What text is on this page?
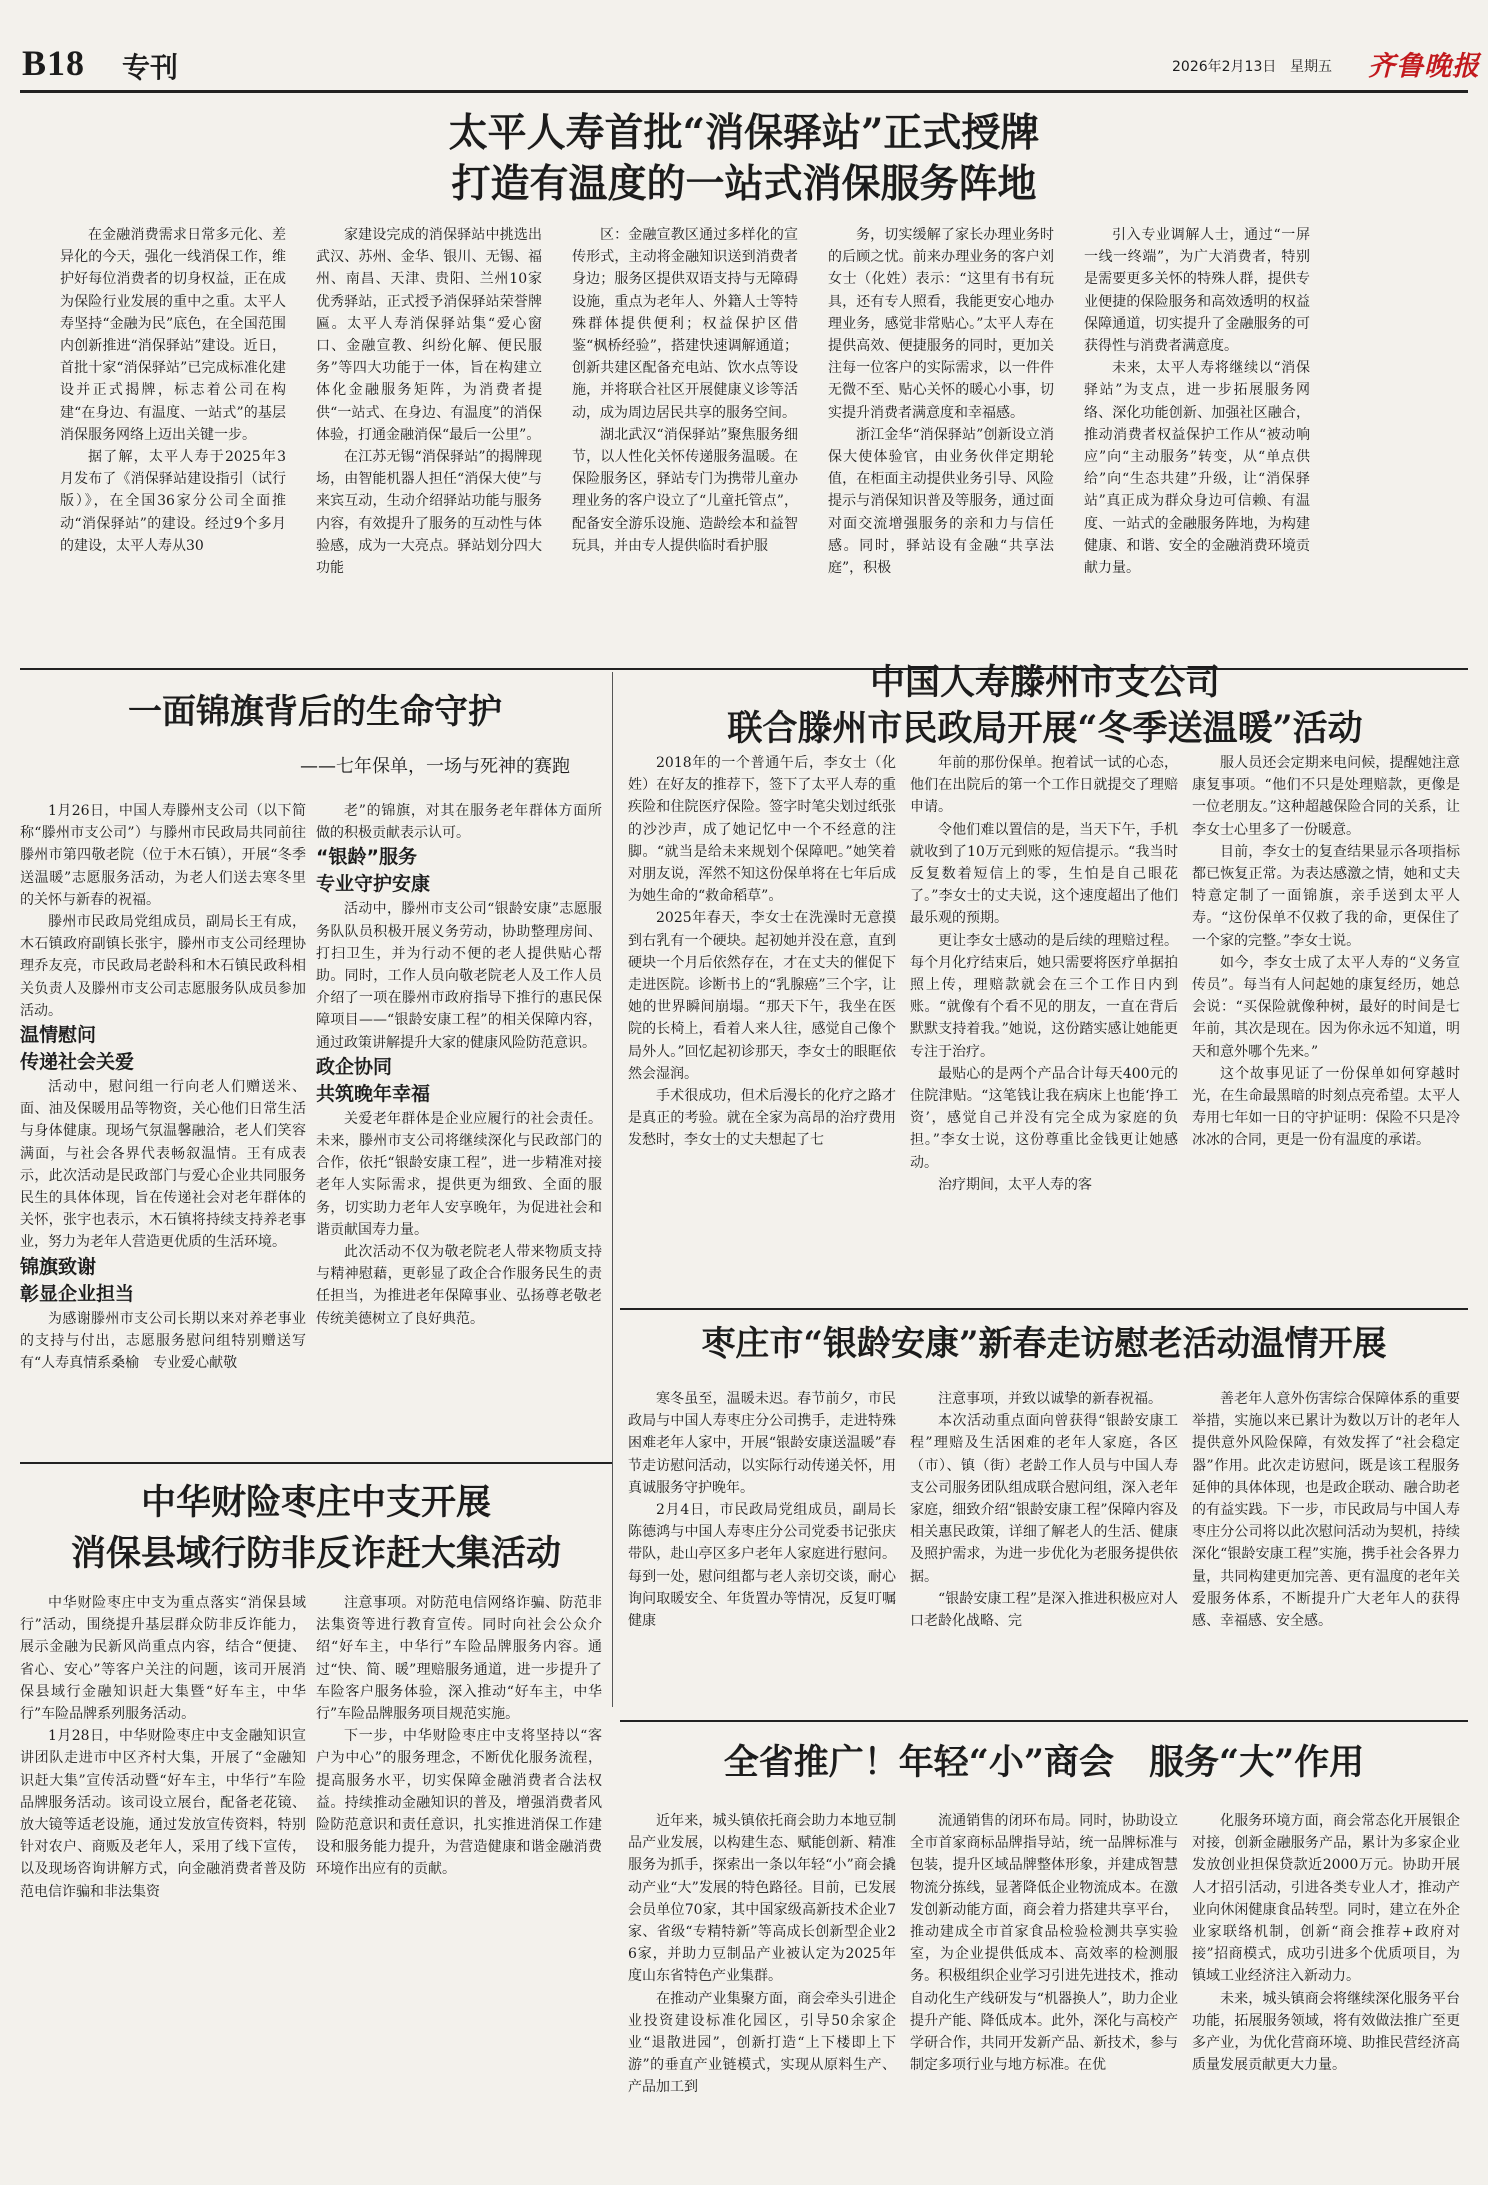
B18 专刊	2026年2月13日 星期五 齐鲁晚报
太平人寿首批“消保驿站”正式授牌
打造有温度的一站式消保服务阵地

在金融消费需求日常多元化、差异化的今天，强化一线消保工作，维护好每位消费者的切身权益，正在成为保险行业发展的重中之重。太平人寿坚持“金融为民”底色，在全国范围内创新推进“消保驿站”建设。近日，首批十家“消保驿站”已完成标准化建设并正式揭牌，标志着公司在构建“在身边、有温度、一站式”的基层消保服务网络上迈出关键一步。

据了解，太平人寿于2025年3月发布了《消保驿站建设指引（试行版）》，在全国36家分公司全面推动“消保驿站”的建设。经过9个多月的建设，太平人寿从30

家建设完成的消保驿站中挑选出武汉、苏州、金华、银川、无锡、福州、南昌、天津、贵阳、兰州10家优秀驿站，正式授予消保驿站荣誉牌匾。太平人寿消保驿站集“爱心窗口、金融宣教、纠纷化解、便民服务”等四大功能于一体，旨在构建立体化金融服务矩阵，为消费者提供“一站式、在身边、有温度”的消保体验，打通金融消保“最后一公里”。

在江苏无锡“消保驿站”的揭牌现场，由智能机器人担任“消保大使”与来宾互动，生动介绍驿站功能与服务内容，有效提升了服务的互动性与体验感，成为一大亮点。驿站划分四大功能

区：金融宣教区通过多样化的宣传形式，主动将金融知识送到消费者身边；服务区提供双语支持与无障碍设施，重点为老年人、外籍人士等特殊群体提供便利；权益保护区借鉴“枫桥经验”，搭建快速调解通道；创新共建区配备充电站、饮水点等设施，并将联合社区开展健康义诊等活动，成为周边居民共享的服务空间。

湖北武汉“消保驿站”聚焦服务细节，以人性化关怀传递服务温暖。在保险服务区，驿站专门为携带儿童办理业务的客户设立了“儿童托管点”，配备安全游乐设施、造龄绘本和益智玩具，并由专人提供临时看护服

务，切实缓解了家长办理业务时的后顾之忧。前来办理业务的客户刘女士（化姓）表示：“这里有书有玩具，还有专人照看，我能更安心地办理业务，感觉非常贴心。”太平人寿在提供高效、便捷服务的同时，更加关注每一位客户的实际需求，以一件件无微不至、贴心关怀的暖心小事，切实提升消费者满意度和幸福感。

浙江金华“消保驿站”创新设立消保大使体验官，由业务伙伴定期轮值，在柜面主动提供业务引导、风险提示与消保知识普及等服务，通过面对面交流增强服务的亲和力与信任感。同时，驿站设有金融“共享法庭”，积极

引入专业调解人士，通过“一屏一线一终端”，为广大消费者，特别是需要更多关怀的特殊人群，提供专业便捷的保险服务和高效透明的权益保障通道，切实提升了金融服务的可获得性与消费者满意度。

未来，太平人寿将继续以“消保驿站”为支点，进一步拓展服务网络、深化功能创新、加强社区融合，推动消费者权益保护工作从“被动响应”向“主动服务”转变，从“单点供给”向“生态共建”升级，让“消保驿站”真正成为群众身边可信赖、有温度、一站式的金融服务阵地，为构建健康、和谐、安全的金融消费环境贡献力量。

一面锦旗背后的生命守护
——七年保单，一场与死神的赛跑

1月26日，中国人寿滕州支公司（以下简称“滕州市支公司”）与滕州市民政局共同前往滕州市第四敬老院（位于木石镇），开展“冬季送温暖”志愿服务活动，为老人们送去寒冬里的关怀与新春的祝福。

滕州市民政局党组成员，副局长王有成，木石镇政府副镇长张宇，滕州市支公司经理协理乔友亮，市民政局老龄科和木石镇民政科相关负责人及滕州市支公司志愿服务队成员参加活动。

温情慰问
传递社会关爱

活动中，慰问组一行向老人们赠送米、面、油及保暖用品等物资，关心他们日常生活与身体健康。现场气氛温馨融洽，老人们笑容满面，与社会各界代表畅叙温情。王有成表示，此次活动是民政部门与爱心企业共同服务民生的具体体现，旨在传递社会对老年群体的关怀，张宇也表示，木石镇将持续支持养老事业，努力为老年人营造更优质的生活环境。

锦旗致谢
彰显企业担当

为感谢滕州市支公司长期以来对养老事业的支持与付出，志愿服务慰问组特别赠送写有“人寿真情系桑榆　专业爱心献敬

老”的锦旗，对其在服务老年群体方面所做的积极贡献表示认可。

“银龄”服务
专业守护安康

活动中，滕州市支公司“银龄安康”志愿服务队队员积极开展义务劳动，协助整理房间、打扫卫生，并为行动不便的老人提供贴心帮助。同时，工作人员向敬老院老人及工作人员介绍了一项在滕州市政府指导下推行的惠民保障项目——“银龄安康工程”的相关保障内容，通过政策讲解提升大家的健康风险防范意识。

政企协同
共筑晚年幸福

关爱老年群体是企业应履行的社会责任。未来，滕州市支公司将继续深化与民政部门的合作，依托“银龄安康工程”，进一步精准对接老年人实际需求，提供更为细致、全面的服务，切实助力老年人安享晚年，为促进社会和谐贡献国寿力量。

此次活动不仅为敬老院老人带来物质支持与精神慰藉，更彰显了政企合作服务民生的责任担当，为推进老年保障事业、弘扬尊老敬老传统美德树立了良好典范。

中国人寿滕州市支公司
联合滕州市民政局开展“冬季送温暖”活动

2018年的一个普通午后，李女士（化姓）在好友的推荐下，签下了太平人寿的重疾险和住院医疗保险。签字时笔尖划过纸张的沙沙声，成了她记忆中一个不经意的注脚。“就当是给未来规划个保障吧。”她笑着对朋友说，浑然不知这份保单将在七年后成为她生命的“救命稻草”。

2025年春天，李女士在洗澡时无意摸到右乳有一个硬块。起初她并没在意，直到硬块一个月后依然存在，才在丈夫的催促下走进医院。诊断书上的“乳腺癌”三个字，让她的世界瞬间崩塌。“那天下午，我坐在医院的长椅上，看着人来人往，感觉自己像个局外人。”回忆起初诊那天，李女士的眼眶依然会湿润。

手术很成功，但术后漫长的化疗之路才是真正的考验。就在全家为高昂的治疗费用发愁时，李女士的丈夫想起了七

年前的那份保单。抱着试一试的心态，他们在出院后的第一个工作日就提交了理赔申请。

令他们难以置信的是，当天下午，手机就收到了10万元到账的短信提示。“我当时反复数着短信上的零，生怕是自己眼花了。”李女士的丈夫说，这个速度超出了他们最乐观的预期。

更让李女士感动的是后续的理赔过程。每个月化疗结束后，她只需要将医疗单据拍照上传，理赔款就会在三个工作日内到账。“就像有个看不见的朋友，一直在背后默默支持着我。”她说，这份踏实感让她能更专注于治疗。

最贴心的是两个产品合计每天400元的住院津贴。“这笔钱让我在病床上也能‘挣工资’，感觉自己并没有完全成为家庭的负担。”李女士说，这份尊重比金钱更让她感动。

治疗期间，太平人寿的客

服人员还会定期来电问候，提醒她注意康复事项。“他们不只是处理赔款，更像是一位老朋友。”这种超越保险合同的关系，让李女士心里多了一份暖意。

目前，李女士的复查结果显示各项指标都已恢复正常。为表达感激之情，她和丈夫特意定制了一面锦旗，亲手送到太平人寿。“这份保单不仅救了我的命，更保住了一个家的完整。”李女士说。

如今，李女士成了太平人寿的“义务宣传员”。每当有人问起她的康复经历，她总会说：“买保险就像种树，最好的时间是七年前，其次是现在。因为你永远不知道，明天和意外哪个先来。”

这个故事见证了一份保单如何穿越时光，在生命最黑暗的时刻点亮希望。太平人寿用七年如一日的守护证明：保险不只是冷冰冰的合同，更是一份有温度的承诺。

枣庄市“银龄安康”新春走访慰老活动温情开展

寒冬虽至，温暖未迟。春节前夕，市民政局与中国人寿枣庄分公司携手，走进特殊困难老年人家中，开展“银龄安康送温暖”春节走访慰问活动，以实际行动传递关怀，用真诚服务守护晚年。

2月4日，市民政局党组成员，副局长陈德鸿与中国人寿枣庄分公司党委书记张庆带队，赴山亭区多户老年人家庭进行慰问。每到一处，慰问组都与老人亲切交谈，耐心询问取暖安全、年货置办等情况，反复叮嘱健康

注意事项，并致以诚挚的新春祝福。

本次活动重点面向曾获得“银龄安康工程”理赔及生活困难的老年人家庭，各区（市）、镇（街）老龄工作人员与中国人寿支公司服务团队组成联合慰问组，深入老年家庭，细致介绍“银龄安康工程”保障内容及相关惠民政策，详细了解老人的生活、健康及照护需求，为进一步优化为老服务提供依据。

“银龄安康工程”是深入推进积极应对人口老龄化战略、完

善老年人意外伤害综合保障体系的重要举措，实施以来已累计为数以万计的老年人提供意外风险保障，有效发挥了“社会稳定器”作用。此次走访慰问，既是该工程服务延伸的具体体现，也是政企联动、融合助老的有益实践。下一步，市民政局与中国人寿枣庄分公司将以此次慰问活动为契机，持续深化“银龄安康工程”实施，携手社会各界力量，共同构建更加完善、更有温度的老年关爱服务体系，不断提升广大老年人的获得感、幸福感、安全感。

中华财险枣庄中支开展
消保县域行防非反诈赶大集活动

中华财险枣庄中支为重点落实“消保县域行”活动，围绕提升基层群众防非反诈能力，展示金融为民新风尚重点内容，结合“便捷、省心、安心”等客户关注的问题，该司开展消保县域行金融知识赶大集暨“好车主，中华行”车险品牌系列服务活动。

1月28日，中华财险枣庄中支金融知识宣讲团队走进市中区齐村大集，开展了“金融知识赶大集”宣传活动暨“好车主，中华行”车险品牌服务活动。该司设立展台，配备老花镜、放大镜等适老设施，通过发放宣传资料，特别针对农户、商贩及老年人，采用了线下宣传，以及现场咨询讲解方式，向金融消费者普及防范电信诈骗和非法集资

注意事项。对防范电信网络诈骗、防范非法集资等进行教育宣传。同时向社会公众介绍“好车主，中华行”车险品牌服务内容。通过“快、简、暖”理赔服务通道，进一步提升了车险客户服务体验，深入推动“好车主，中华行”车险品牌服务项目规范实施。

下一步，中华财险枣庄中支将坚持以“客户为中心”的服务理念，不断优化服务流程，提高服务水平，切实保障金融消费者合法权益。持续推动金融知识的普及，增强消费者风险防范意识和责任意识，扎实推进消保工作建设和服务能力提升，为营造健康和谐金融消费环境作出应有的贡献。

全省推广！年轻“小”商会　服务“大”作用

近年来，城头镇依托商会助力本地豆制品产业发展，以构建生态、赋能创新、精准服务为抓手，探索出一条以年轻“小”商会撬动产业“大”发展的特色路径。目前，已发展会员单位70家，其中国家级高新技术企业7家、省级“专精特新”等高成长创新型企业26家，并助力豆制品产业被认定为2025年度山东省特色产业集群。

在推动产业集聚方面，商会牵头引进企业投资建设标准化园区，引导50余家企业“退散进园”，创新打造“上下楼即上下游”的垂直产业链模式，实现从原料生产、产品加工到

流通销售的闭环布局。同时，协助设立全市首家商标品牌指导站，统一品牌标准与包装，提升区域品牌整体形象，并建成智慧物流分拣线，显著降低企业物流成本。在激发创新动能方面，商会着力搭建共享平台，推动建成全市首家食品检验检测共享实验室，为企业提供低成本、高效率的检测服务。积极组织企业学习引进先进技术，推动自动化生产线研发与“机器换人”，助力企业提升产能、降低成本。此外，深化与高校产学研合作，共同开发新产品、新技术，参与制定多项行业与地方标准。在优

化服务环境方面，商会常态化开展银企对接，创新金融服务产品，累计为多家企业发放创业担保贷款近2000万元。协助开展人才招引活动，引进各类专业人才，推动产业向休闲健康食品转型。同时，建立在外企业家联络机制，创新“商会推荐+政府对接”招商模式，成功引进多个优质项目，为镇域工业经济注入新动力。

未来，城头镇商会将继续深化服务平台功能，拓展服务领域，将有效做法推广至更多产业，为优化营商环境、助推民营经济高质量发展贡献更大力量。
